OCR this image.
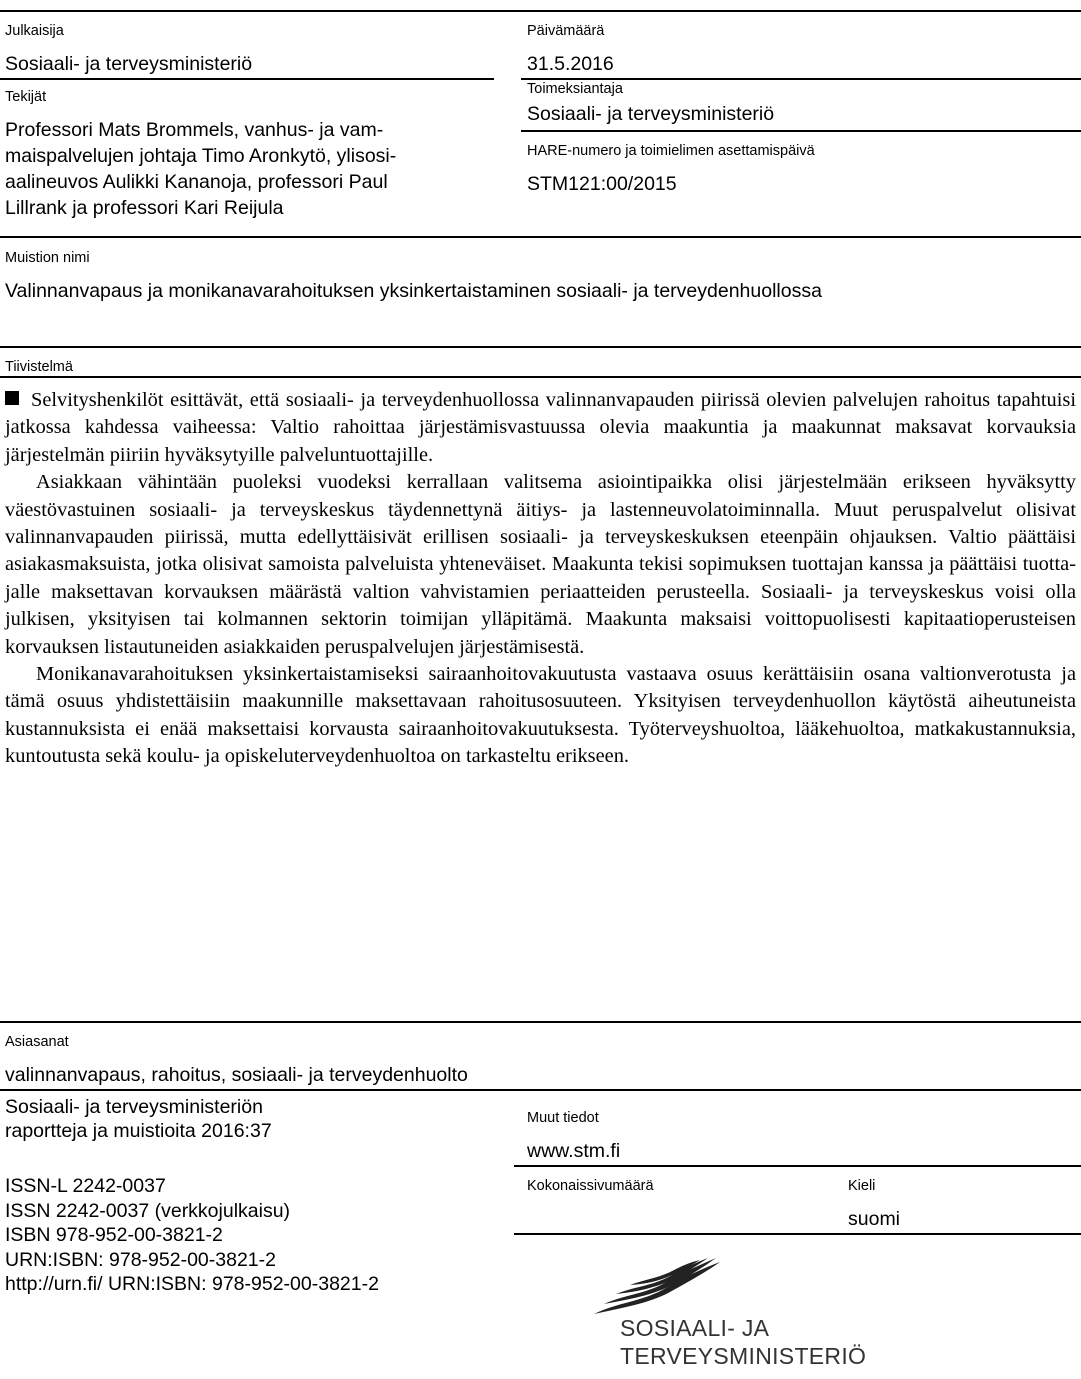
Julkaisija
Sosiaali- ja terveysministeriö
Päivämäärä
31.5.2016
Tekijät
Professori Mats Brommels, vanhus- ja vam-
maispalvelujen johtaja Timo Aronkytö, ylisosi-
aalineuvos Aulikki Kananoja, professori Paul
Lillrank ja professori Kari Reijula
Toimeksiantaja
Sosiaali- ja terveysministeriö
HARE-numero ja toimielimen asettamispäivä
STM121:00/2015
Muistion nimi
Valinnanvapaus ja monikanavarahoituksen yksinkertaistaminen sosiaali- ja terveydenhuollossa
Tiivistelmä

Selvityshenkilöt esittävät, että sosiaali- ja terveydenhuollossa valinnanvapauden piirissä olevien palvelujen rahoitus tapahtuisi jatkossa kahdessa vaiheessa: Valtio rahoittaa järjestämisvastuussa olevia maakuntia ja maakunnat maksavat korvauksia järjestelmän piiriin hyväksytyille palveluntuottajille.

Asiakkaan vähintään puoleksi vuodeksi kerrallaan valitsema asiointipaikka olisi järjestelmään erikseen hyväksytty väestövastuinen sosiaali- ja terveyskeskus täydennettynä äitiys- ja lastenneuvolatoiminnalla. Muut peruspalvelut olisivat valinnanvapauden piirissä, mutta edellyttäisivät erillisen sosiaali- ja terveyskeskuksen eteenpäin ohjauksen. Valtio päättäisi asiakasmaksuista, jotka olisivat samoista palveluista yhteneväiset. Maakunta tekisi sopimuksen tuottajan kanssa ja päättäisi tuottajalle maksettavan korvauksen määrästä valtion vahvistamien periaatteiden perusteella. Sosiaali- ja terveyskeskus voisi olla julkisen, yksityisen tai kolmannen sektorin toimijan ylläpitämä. Maakunta maksaisi voittopuolisesti kapitaatioperusteisen korvauksen listautuneiden asiakkaiden peruspalvelujen järjestämisestä.

Monikanavarahoituksen yksinkertaistamiseksi sairaanhoitovakuutusta vastaava osuus kerättäisiin osana valtionverotusta ja tämä osuus yhdistettäisiin maakunnille maksettavaan rahoitusosuuteen. Yksityisen terveydenhuollon käytöstä aiheutuneista kustannuksista ei enää maksettaisi korvausta sairaanhoitovakuutuksesta. Työterveyshuoltoa, lääkehuoltoa, matkakustannuksia, kuntoutusta sekä koulu- ja opiskeluterveydenhuoltoa on tarkasteltu erikseen.

Asiasanat
valinnanvapaus, rahoitus, sosiaali- ja terveydenhuolto
Sosiaali- ja terveysministeriön
raportteja ja muistioita 2016:37
ISSN-L 2242-0037
ISSN 2242-0037 (verkkojulkaisu)
ISBN 978-952-00-3821-2
URN:ISBN: 978-952-00-3821-2
http://urn.fi/ URN:ISBN: 978-952-00-3821-2
Muut tiedot
www.stm.fi
Kokonaissivumäärä	Kieli
suomi
SOSIAALI- JA
TERVEYSMINISTERIÖ
